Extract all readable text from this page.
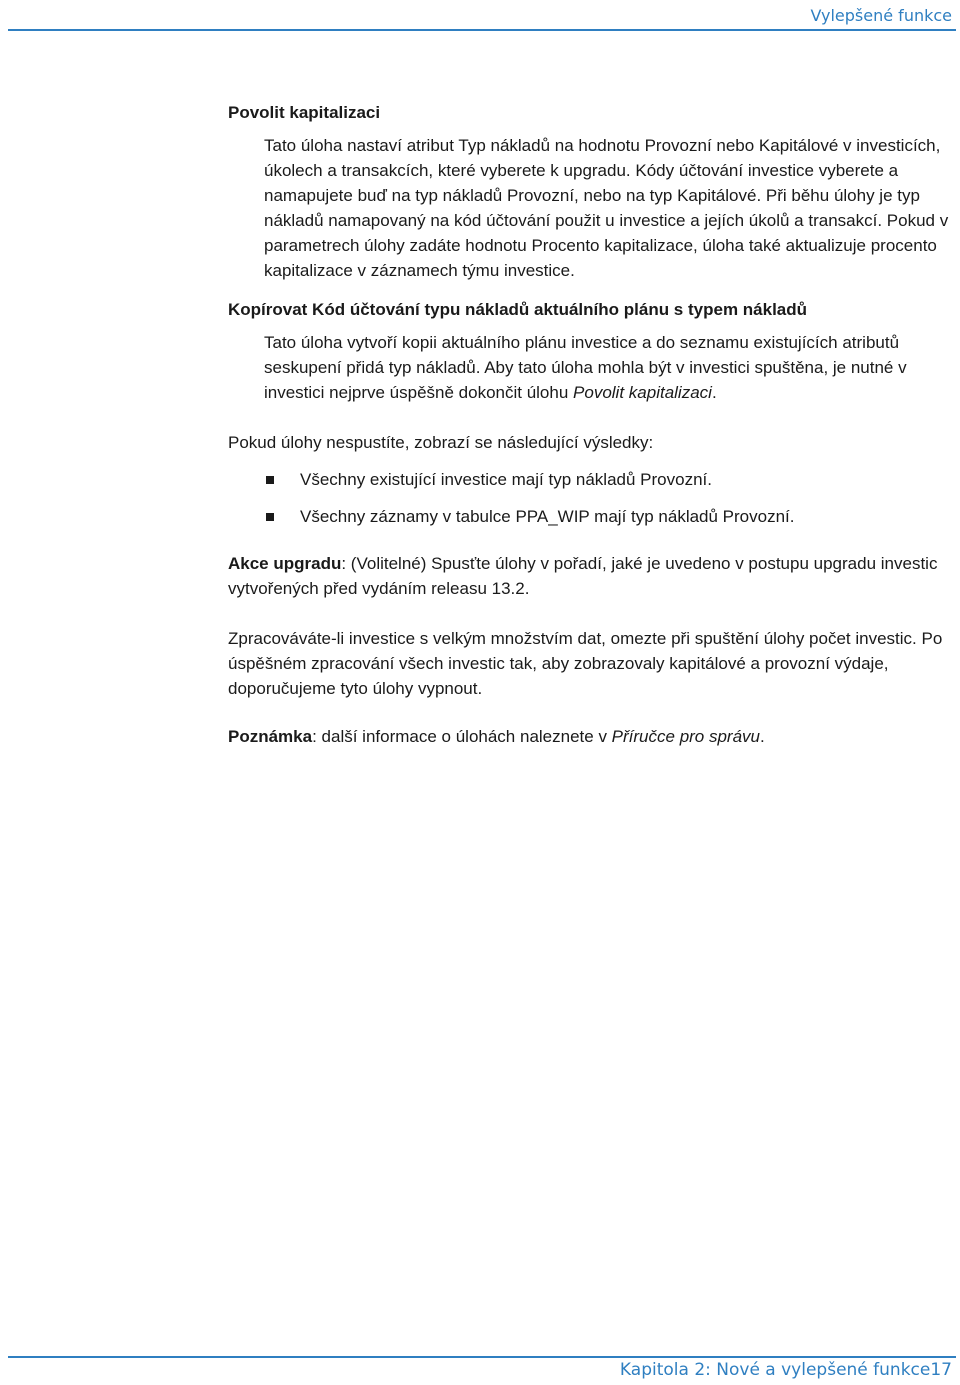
Vylepšené funkce

Povolit kapitalizaci

Tato úloha nastaví atribut Typ nákladů na hodnotu Provozní nebo Kapitálové v investicích, úkolech a transakcích, které vyberete k upgradu. Kódy účtování investice vyberete a namapujete buď na typ nákladů Provozní, nebo na typ Kapitálové. Při běhu úlohy je typ nákladů namapovaný na kód účtování použit u investice a jejích úkolů a transakcí. Pokud v parametrech úlohy zadáte hodnotu Procento kapitalizace, úloha také aktualizuje procento kapitalizace v záznamech týmu investice.

Kopírovat Kód účtování typu nákladů aktuálního plánu s typem nákladů

Tato úloha vytvoří kopii aktuálního plánu investice a do seznamu existujících atributů seskupení přidá typ nákladů. Aby tato úloha mohla být v investici spuštěna, je nutné v investici nejprve úspěšně dokončit úlohu Povolit kapitalizaci.

Pokud úlohy nespustíte, zobrazí se následující výsledky:

Všechny existující investice mají typ nákladů Provozní.
Všechny záznamy v tabulce PPA_WIP mají typ nákladů Provozní.

Akce upgradu: (Volitelné) Spusťte úlohy v pořadí, jaké je uvedeno v postupu upgradu investic vytvořených před vydáním releasu 13.2.

Zpracováváte-li investice s velkým množstvím dat, omezte při spuštění úlohy počet investic. Po úspěšném zpracování všech investic tak, aby zobrazovaly kapitálové a provozní výdaje, doporučujeme tyto úlohy vypnout.

Poznámka: další informace o úlohách naleznete v Příručce pro správu.

Kapitola 2: Nové a vylepšené funkce17
